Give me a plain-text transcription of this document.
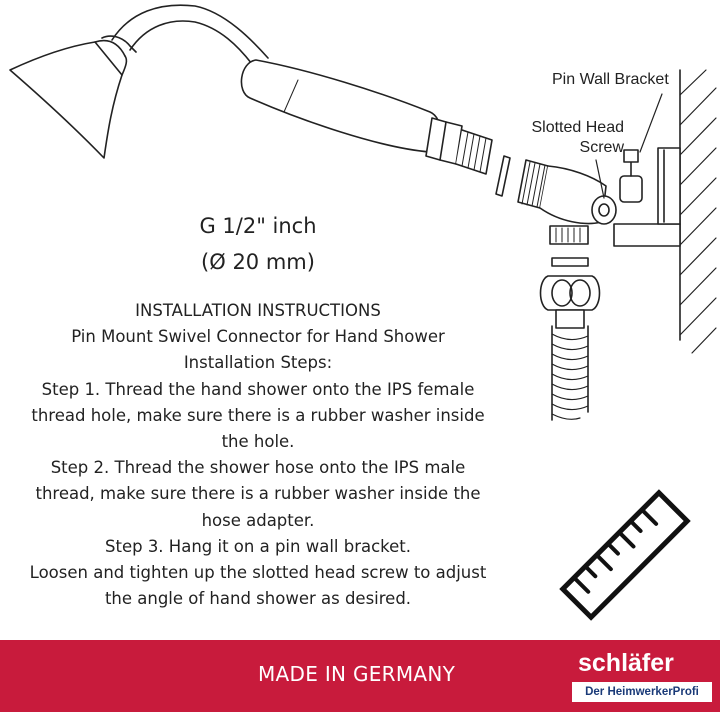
Pin Wall Bracket
Slotted Head
Screw
G 1/2" inch
(Ø 20 mm)
INSTALLATION INSTRUCTIONS
Pin Mount Swivel Connector for Hand Shower
Installation Steps:
Step 1. Thread the hand shower onto the IPS female
thread hole, make sure there is a rubber washer inside
the hole.
Step 2. Thread the shower hose onto the IPS male
thread, make sure there is a rubber washer inside the
hose adapter.
Step 3. Hang it on a pin wall bracket.
Loosen and tighten up the slotted head screw to adjust
the angle of hand shower as desired.
MADE IN GERMANY	schläfer
Der HeimwerkerProfi
